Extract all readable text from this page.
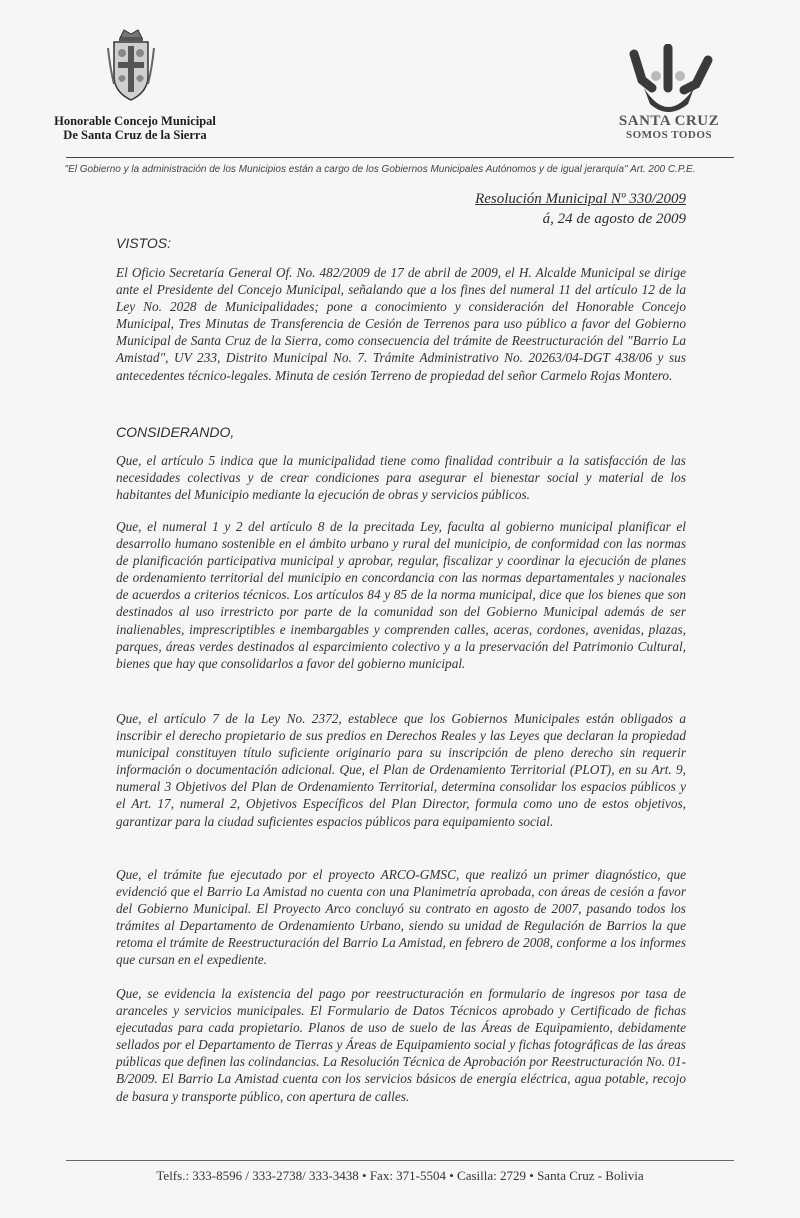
Honorable Concejo Municipal
De Santa Cruz de la Sierra
SANTA CRUZ
SOMOS TODOS
"El Gobierno y la administración de los Municipios están a cargo de los Gobiernos Municipales Autónomos y de igual jerarquía" Art. 200 C.P.E.
Resolución Municipal Nº 330/2009
á, 24 de agosto de 2009
VISTOS:
El Oficio Secretaría General Of. No. 482/2009 de 17 de abril de 2009, el H. Alcalde Municipal se dirige ante el Presidente del Concejo Municipal, señalando que a los fines del numeral 11 del artículo 12 de la Ley No. 2028 de Municipalidades; pone a conocimiento y consideración del Honorable Concejo Municipal, Tres Minutas de Transferencia de Cesión de Terrenos para uso público a favor del Gobierno Municipal de Santa Cruz de la Sierra, como consecuencia del trámite de Reestructuración del "Barrio La Amistad", UV 233, Distrito Municipal No. 7. Trámite Administrativo No. 20263/04-DGT 438/06 y sus antecedentes técnico-legales. Minuta de cesión Terreno de propiedad del señor Carmelo Rojas Montero.
CONSIDERANDO,
Que, el artículo 5 indica que la municipalidad tiene como finalidad contribuir a la satisfacción de las necesidades colectivas y de crear condiciones para asegurar el bienestar social y material de los habitantes del Municipio mediante la ejecución de obras y servicios públicos.
Que, el numeral 1 y 2 del artículo 8 de la precitada Ley, faculta al gobierno municipal planificar el desarrollo humano sostenible en el ámbito urbano y rural del municipio, de conformidad con las normas de planificación participativa municipal y aprobar, regular, fiscalizar y coordinar la ejecución de planes de ordenamiento territorial del municipio en concordancia con las normas departamentales y nacionales de acuerdos a criterios técnicos. Los artículos 84 y 85 de la norma municipal, dice que los bienes que son destinados al uso irrestricto por parte de la comunidad son del Gobierno Municipal además de ser inalienables, imprescriptibles e inembargables y comprenden calles, aceras, cordones, avenidas, plazas, parques, áreas verdes destinados al esparcimiento colectivo y a la preservación del Patrimonio Cultural, bienes que hay que consolidarlos a favor del gobierno municipal.
Que, el artículo 7 de la Ley No. 2372, establece que los Gobiernos Municipales están obligados a inscribir el derecho propietario de sus predios en Derechos Reales y las Leyes que declaran la propiedad municipal constituyen título suficiente originario para su inscripción de pleno derecho sin requerir información o documentación adicional. Que, el Plan de Ordenamiento Territorial (PLOT), en su Art. 9, numeral 3 Objetivos del Plan de Ordenamiento Territorial, determina consolidar los espacios públicos y el Art. 17, numeral 2, Objetivos Específicos del Plan Director, formula como uno de estos objetivos, garantizar para la ciudad suficientes espacios públicos para equipamiento social.
Que, el trámite fue ejecutado por el proyecto ARCO-GMSC, que realizó un primer diagnóstico, que evidenció que el Barrio La Amistad no cuenta con una Planimetría aprobada, con áreas de cesión a favor del Gobierno Municipal. El Proyecto Arco concluyó su contrato en agosto de 2007, pasando todos los trámites al Departamento de Ordenamiento Urbano, siendo su unidad de Regulación de Barrios la que retoma el trámite de Reestructuración del Barrio La Amistad, en febrero de 2008, conforme a los informes que cursan en el expediente.
Que, se evidencia la existencia del pago por reestructuración en formulario de ingresos por tasa de aranceles y servicios municipales. El Formulario de Datos Técnicos aprobado y Certificado de fichas ejecutadas para cada propietario. Planos de uso de suelo de las Áreas de Equipamiento, debidamente sellados por el Departamento de Tierras y Áreas de Equipamiento social y fichas fotográficas de las áreas públicas que definen las colindancias. La Resolución Técnica de Aprobación por Reestructuración No. 01-B/2009. El Barrio La Amistad cuenta con los servicios básicos de energía eléctrica, agua potable, recojo de basura y transporte público, con apertura de calles.
Telfs.: 333-8596 / 333-2738/ 333-3438 • Fax: 371-5504 • Casilla: 2729 • Santa Cruz - Bolivia
